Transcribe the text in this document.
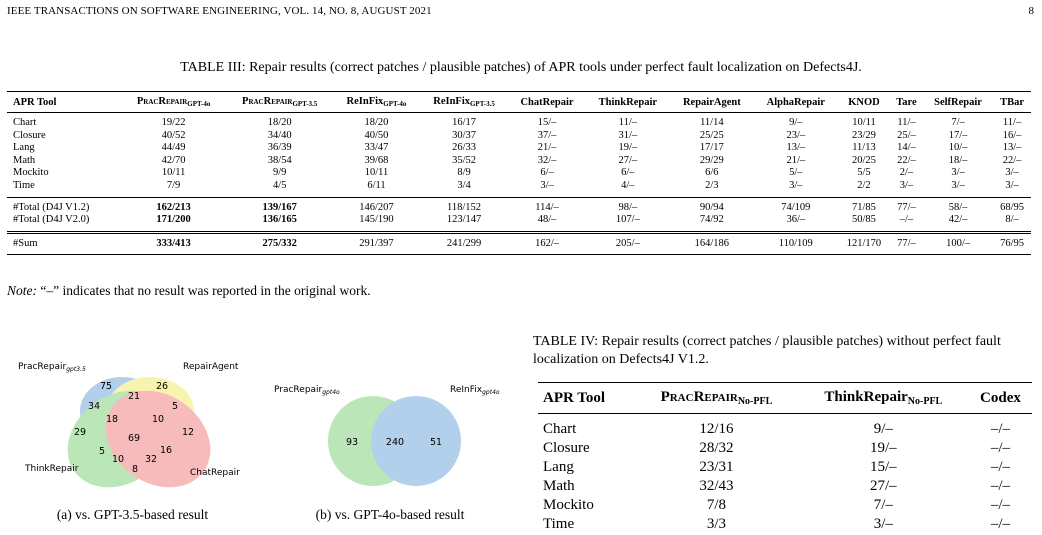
IEEE TRANSACTIONS ON SOFTWARE ENGINEERING, VOL. 14, NO. 8, AUGUST 2021	8
TABLE III: Repair results (correct patches / plausible patches) of APR tools under perfect fault localization on Defects4J.
APR Tool	PracRepair$_{GPT-4o}$	PracRepair$_{GPT-3.5}$	ReInFix$_{GPT-4o}$	ReInFix$_{GPT-3.5}$	ChatRepair	ThinkRepair	RepairAgent	AlphaRepair	KNOD	Tare	SelfRepair	TBar
Chart	19/22	18/20	18/20	16/17	15/–	11/–	11/14	9/–	10/11	11/–	7/–	11/–
Closure	40/52	34/40	40/50	30/37	37/–	31/–	25/25	23/–	23/29	25/–	17/–	16/–
Lang	44/49	36/39	33/47	26/33	21/–	19/–	17/17	13/–	11/13	14/–	10/–	13/–
Math	42/70	38/54	39/68	35/52	32/–	27/–	29/29	21/–	20/25	22/–	18/–	22/–
Mockito	10/11	9/9	10/11	8/9	6/–	6/–	6/6	5/–	5/5	2/–	3/–	3/–
Time	7/9	4/5	6/11	3/4	3/–	4/–	2/3	3/–	2/2	3/–	3/–	3/–
#Total (D4J V1.2)	162/213	139/167	146/207	118/152	114/–	98/–	90/94	74/109	71/85	77/–	58/–	68/95
#Total (D4J V2.0)	171/200	136/165	145/190	123/147	48/–	107/–	74/92	36/–	50/85	–/–	42/–	8/–
#Sum	333/413	275/332	291/397	241/299	162/–	205/–	164/186	110/109	121/170	77/–	100/–	76/95
Note: “–” indicates that no result was reported in the original work.
PracRepair$_{gpt3.5}$	RepairAgent
ThinkRepair	ChatRepair
75	26
34
21
5
29
18	10
12
69
5	16
10 32
8
(a) vs. GPT-3.5-based result
PracRepair$_{gpt4o}$	ReInFix$_{gpt4o}$
93	240	51
(b) vs. GPT-4o-based result
TABLE IV: Repair results (correct patches / plausible patches) without perfect fault localization on Defects4J V1.2.
APR Tool	PracRepair$_{No-PFL}$	ThinkRepair$_{No-PFL}$	Codex
Chart	12/16	9/–	–/–
Closure	28/32	19/–	–/–
Lang	23/31	15/–	–/–
Math	32/43	27/–	–/–
Mockito	7/8	7/–	–/–
Time	3/3	3/–	–/–
